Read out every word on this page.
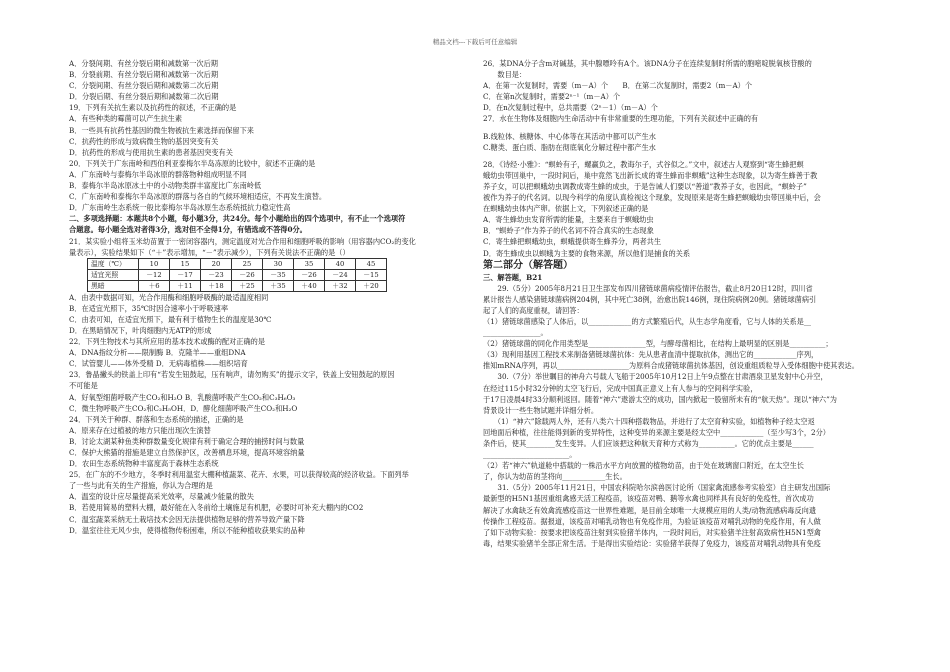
精品文档---下载后可任意编辑
A．分裂间期、有丝分裂后期和减数第一次后期
B．分裂前期、有丝分裂后期和减数第一次后期
C．分裂间期、有丝分裂后期和减数第二次后期
D．分裂后期、有丝分裂后期和减数第二次后期
19．下列有关抗生素以及抗药性的叙述，不正确的是
A．有些种类的霉菌可以产生抗生素
B．一些具有抗药性基因的微生物被抗生素选择而保留下来
C．抗药性的形成与致病微生物的基因突变有关
D．抗药性的形成与使用抗生素的患者基因突变有关
20．下列关于广东南岭和西伯利亚泰梅尔半岛冻原的比较中，叙述不正确的是
A．广东南岭与泰梅尔半岛冰原的群落物种组成明显不同
B．泰梅尔半岛冰原冰土中的小动物类群丰富度比广东南岭低
C．广东南岭和泰梅尔半岛冰原的群落与各自的气候环境相适应，不再发生演替。
D．广东南岭生态系统一般比泰梅尔半岛冰原生态系统抵抗力稳定性高
二、多项选择题：本题共8个小题，每小题3分，共24分。每个小题给出的四个选项中，有不止一个选项符
合题意。每小题全选对者得3分，选对但不全得1分，有错选或不答得0分。
21．某实验小组将玉米幼苗置于一密闭容器内，测定温度对光合作用和细胞呼吸的影响（用容器内CO₂的变化
量表示），实验结果如下（“＋”表示增加，“－”表示减少），下列有关说法不正确的是（）
温度（℃）	10	15	20	25	30	35	40	45
适宜光照	－12	－17	－23	－26	－35	－26	－24	－15
黑暗	＋6	＋11	＋18	＋25	＋35	＋40	＋32	＋20
A．由表中数据可知，光合作用酶和细胞呼吸酶的最适温度相同
B．在适宜光照下，35℃时因合速率小于呼吸速率
C．由表可知，在适宜光照下，最有利于植物生长的温度是30℃
D．在黑暗情况下，叶肉细胞内无ATP的形成
22．下列生物技术与其所应用的基本技术或酶的配对正确的是
A．DNA指纹分析——限制酶 B．克隆羊——重组DNA
C．试管婴儿——体外受精 D．无病毒植株——组织培育
23．鲁晶撇头的铁盖上印有“若发生钮鼓起，压有响声，请勿购买”的提示文字，铁盖上安钮鼓起的原因
不可能是
A．好氧型细菌呼吸产生CO₂和H₂O B．乳酸菌呼吸产生CO₂和C₃H₆O₃
C．微生物呼吸产生CO₂和C₂H₅OH．D．酵化细菌呼吸产生CO₂和H₂O
24．下列关于种群、群落和生态系统的描述，正确的是
A．原来存在过植被的地方只能出现次生演替
B．讨论太湖某种鱼类种群数量变化规律有利于确定合理的捕捞时间与数量
C．保护大熊猫的措施是建立自然保护区，改善栖息环境，提高环境容纳量
D．农田生态系统物种丰富度高于森林生态系统
25．在广东的不少地方，冬季时利用温室大棚种植蔬菜、花卉、水果，可以获得较高的经济收益。下面列举
了一些与此有关的生产措施，你认为合理的是
A．温室的设计应尽量提高采光效率，尽量减少能量的散失
B．若使用简易的塑料大棚，最好能在入冬前给土壤施足有机肥，必要时可补充大棚内的CO2
C．温室蔬菜采纳无土栽培技术会因无法提供植物足够的营养导致产量下降
D．温室往往无风少虫，使得植物传粉困难，所以不能种植收获果实的品种
26．某DNA分子含m对碱基，其中腺嘌呤有A个。该DNA分子在连续复制时所需的胞嘧啶脱氧核苷酸的
　　数目是：
A．在第一次复制时，需要（m－A）个　　B．在第二次复制时，需要2（m－A）个
C．在第n次复制时，需要2ⁿ⁻¹（m－A）个
D．在n次复制过程中，总共需要（2ⁿ－1）（m－A）个
27．水在生物体及细胞内生命活动中有非常重要的生理功能，下列有关叙述中正确的有
B.线粒体、核糖体、中心体等在其活动中都可以产生水
C.糖类、蛋白质、脂肪在彻底氧化分解过程中都产生水
28．《诗经·小雅》：“螟蛉有子，螺赢负之，教诲尔子，式谷似之。”文中，叙述古人观察到“寄生蜂把螟
蛾幼虫带回巢中，一段时间后，巢中竟然飞出新长成的寄生蜂而非螟蛾”这种生态现象，以为寄生蜂善于教
养子女，可以把螟蛾幼虫调教成寄生蜂的成虫，于是告诫人们要以“善道”教养子女，也因此，“螟蛉子”
被作为养子的代名词。以现今科学的角度认真检视这个现象，发现原来是寄生蜂把螟蛾幼虫带回巢中后，会
在螟蛾幼虫体内产卵。依据上文，下列叙述正确的是
A．寄生蜂幼虫发育所需的能量，主要来自于螟蛾幼虫
B．“螟蛉子”作为养子的代名词不符合真实的生态现象
C．寄生蜂把螟蛾幼虫，螟蛾提供寄生蜂养分，两者共生
D．寄生蜂成虫以螟蛾为主要的食物来源，所以他们是捕食的关系
第二部分（解答题）
三、解答题，B21
　　29.（5分）2005年8月21日卫生部发布四川猪链球菌病疫情评估报告，截止8月20日12时，四川省
累计报告人感染猪链球菌病例204例，其中死亡38例，治愈出院146例，现住院病例20例。猪链球菌病引
起了人们的高度重视，请回答：
（1）猪链球菌感染了人体后，以____________的方式繁殖后代，从生态学角度看，它与人体的关系是__
________________。
（2）猪链球菌的同化作用类型是________________型，与酵母菌相比，在结构上最明显的区别是__________；
（3）现利用基因工程技术来制备猪链球菌抗体：先从患者血清中提取抗体，测出它的____________序列，
推知mRNA序列，再以____________________为原料合成猪链球菌抗体基因，创设重组质粒导入受体细胞中使其表达。
　　30.（7分）举世瞩目的神舟六号载人飞船于2005年10月12日上午9点整在甘肃酒泉卫星发射中心升空，
在经过115小时32分钟的太空飞行后，完成中国真正意义上有人参与的空间科学实验，
于17日凌晨4时33分顺利返回。随着“神六”遨游太空的成功，国内掀起一股留所未有的“航天热”。现以“神六”为
背景设计一些生物试题并详细分析。
　　（1）“神六”除载两人外，还有八类六十四种搭载物品，并进行了太空育种实验，如植物种子经太空返
回地面后种植，往往能得到新的变异特性，这种变异的来源主要是经太空中____________（至少写3个，2分）
条件后，使其________发生变异。人们应该把这种航天育种方式称为__________。它的优点主要是______
________________________。
（2）若“神六”轨道舱中搭载的一株沿水平方向放置的植物幼苗，由于处在玻璃窗口附近，在太空生长
了，你认为幼苗的茎将向____________生长。
　　31.（5分）2005年11月21日，中国农科院哈尔滨兽医讨论所（国家禽流感参考实验室）自主研发出国际
最新型的H5N1基因重组禽感天活工程疫苗，该疫苗对鸭、鹅等水禽也同样具有良好的免疫性，首次成功
解决了水禽缺乏有效禽流感疫苗这一世界性难题，是目前全球唯一大规模应用的人类/动物流感病毒反向遗
传操作工程疫苗。据报道，该疫苗对哺乳动物也有免疫作用，为验证该疫苗对哺乳动物的免疫作用，有人做
了如下动物实验：按要求把该疫苗注射到实验猪羊体内，一段时间后，对实验猪羊注射高致病性H5N1型禽
毒，结果实验猪羊全部正常生活。于是得出实验结论：实验猪羊获得了免疫力，该疫苗对哺乳动物具有免疫
